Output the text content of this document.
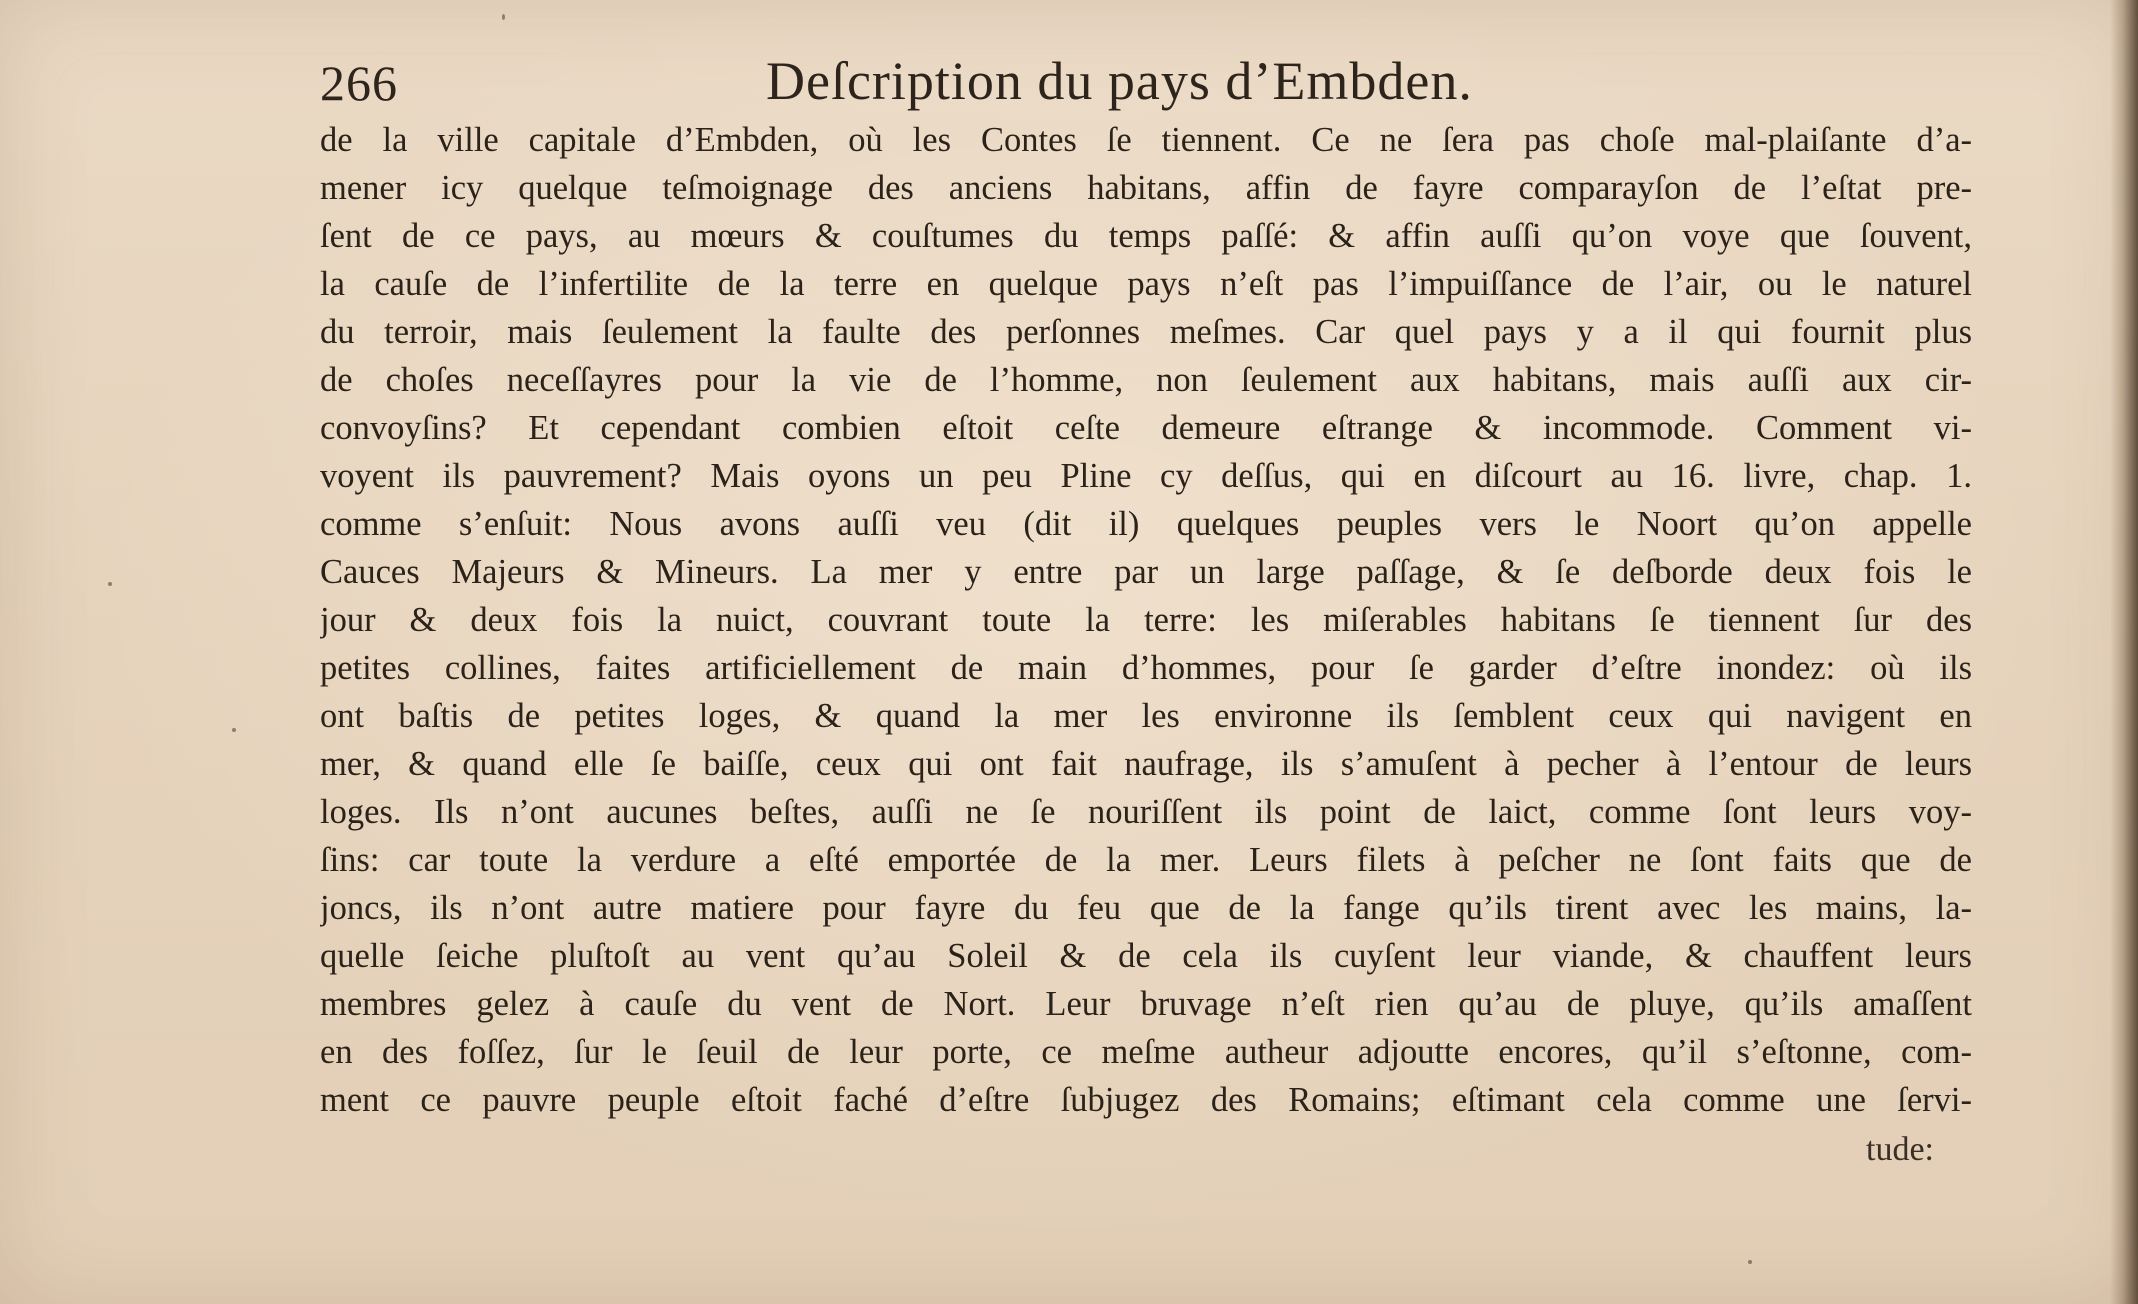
266	Deſcription du pays d’Embden.
de la ville capitale d’Embden, où les Contes ſe tiennent. Ce ne ſera pas choſe mal-plaiſante d’a-
mener icy quelque teſmoignage des anciens habitans, affin de fayre comparayſon de l’eſtat pre-
ſent de ce pays, au mœurs & couſtumes du temps paſſé: & affin auſſi qu’on voye que ſouvent,
la cauſe de l’infertilite de la terre en quelque pays n’eſt pas l’impuiſſance de l’air, ou le naturel
du terroir, mais ſeulement la faulte des perſonnes meſmes. Car quel pays y a il qui fournit plus
de choſes neceſſayres pour la vie de l’homme, non ſeulement aux habitans, mais auſſi aux cir-
convoyſins? Et cependant combien eſtoit ceſte demeure eſtrange & incommode. Comment vi-
voyent ils pauvrement? Mais oyons un peu Pline cy deſſus, qui en diſcourt au 16. livre, chap. 1.
comme s’enſuit: Nous avons auſſi veu (dit il) quelques peuples vers le Noort qu’on appelle
Cauces Majeurs & Mineurs. La mer y entre par un large paſſage, & ſe deſborde deux fois le
jour & deux fois la nuict, couvrant toute la terre: les miſerables habitans ſe tiennent ſur des
petites collines, faites artificiellement de main d’hommes, pour ſe garder d’eſtre inondez: où ils
ont baſtis de petites loges, & quand la mer les environne ils ſemblent ceux qui navigent en
mer, & quand elle ſe baiſſe, ceux qui ont fait naufrage, ils s’amuſent à pecher à l’entour de leurs
loges. Ils n’ont aucunes beſtes, auſſi ne ſe nouriſſent ils point de laict, comme ſont leurs voy-
ſins: car toute la verdure a eſté emportée de la mer. Leurs filets à peſcher ne ſont faits que de
joncs, ils n’ont autre matiere pour fayre du feu que de la fange qu’ils tirent avec les mains, la-
quelle ſeiche pluſtoſt au vent qu’au Soleil & de cela ils cuyſent leur viande, & chauffent leurs
membres gelez à cauſe du vent de Nort. Leur bruvage n’eſt rien qu’au de pluye, qu’ils amaſſent
en des foſſez, ſur le ſeuil de leur porte, ce meſme autheur adjoutte encores, qu’il s’eſtonne, com-
ment ce pauvre peuple eſtoit faché d’eſtre ſubjugez des Romains; eſtimant cela comme une ſervi-
tude:
